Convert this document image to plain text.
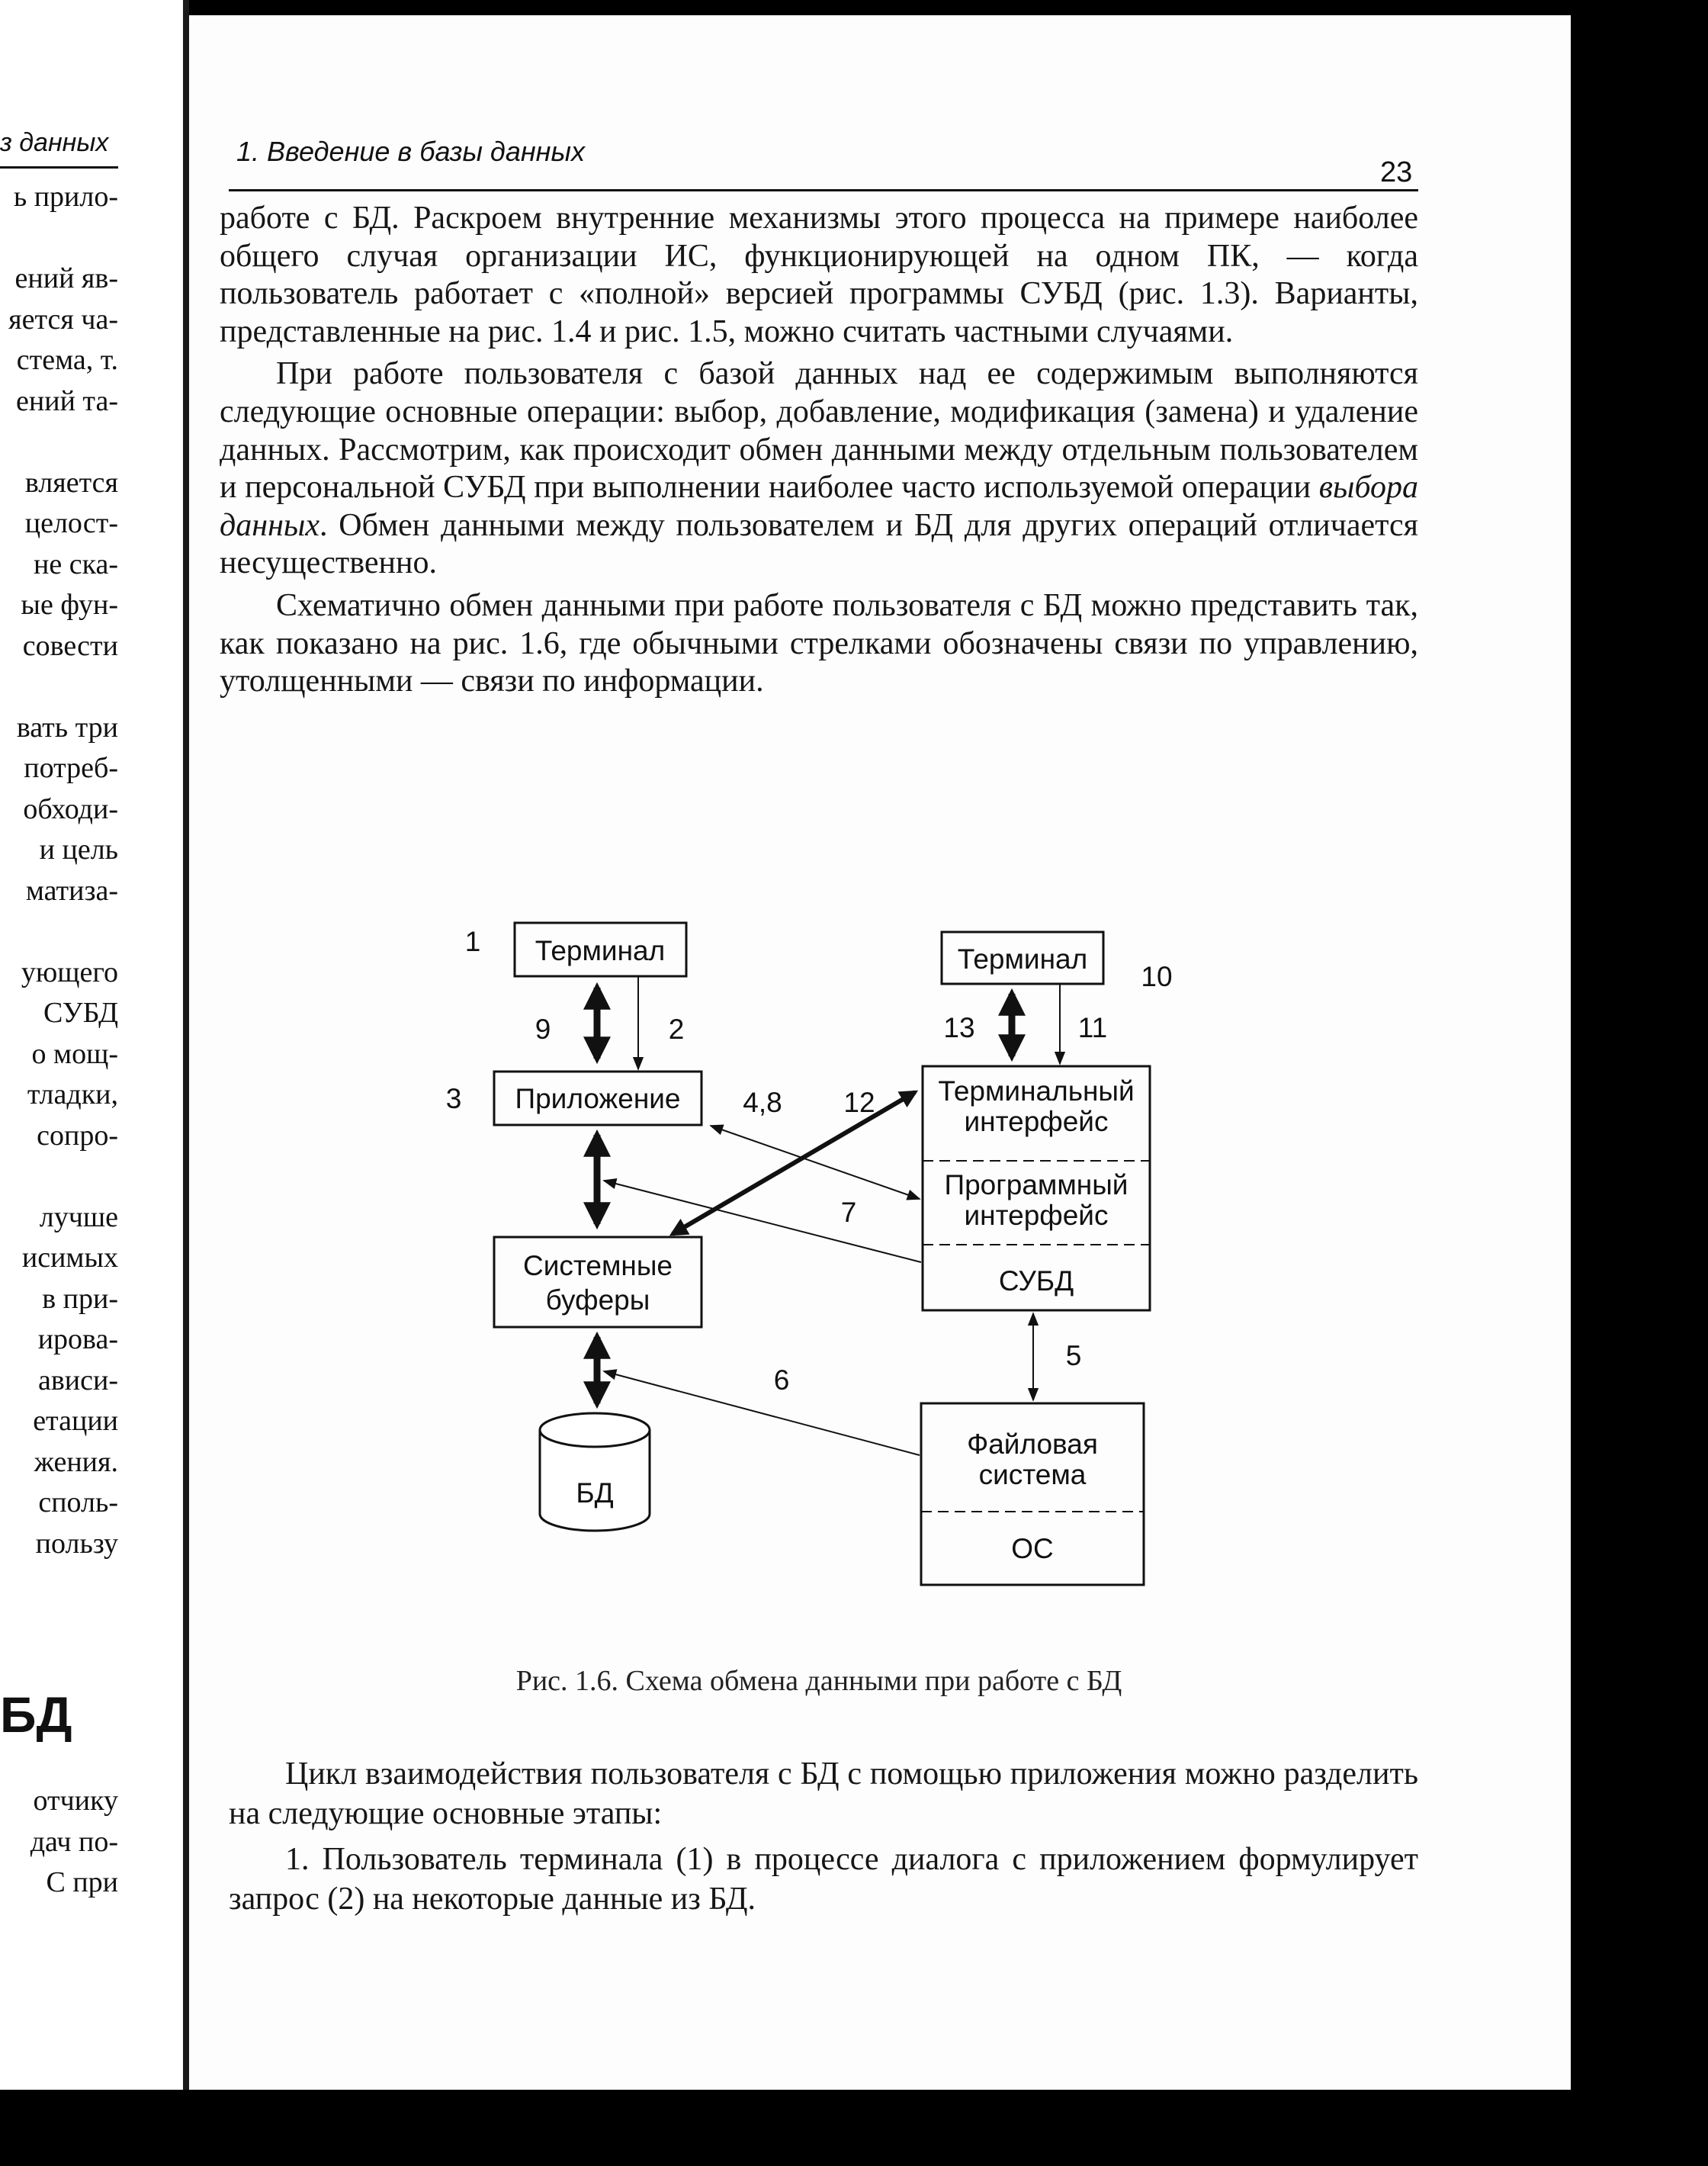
з данных
ь прило-
ений яв-
яется ча-
стема, т.
ений та-
вляется
целост-
не ска-
ые фун-
совести
вать три
потреб-
обходи-
и цель
матиза-
ующего
СУБД
о мощ-
тладки,
сопро-
лучше
исимых
в при-
ирова-
ависи-
етации
жения.
споль-
пользу
БД
отчику
дач по-
С при
1. Введение в базы данных
23

работе с БД. Раскроем внутренние механизмы этого процесса на примере наиболее общего случая организации ИС, функционирующей на одном ПК, — когда пользователь работает с «полной» версией программы СУБД (рис. 1.3). Варианты, представленные на рис. 1.4 и рис. 1.5, можно считать частными случаями.

При работе пользователя с базой данных над ее содержимым выполняются следующие основные операции: выбор, добавление, модификация (замена) и удаление данных. Рассмотрим, как происходит обмен данными между отдельным пользователем и персональной СУБД при выполнении наиболее часто используемой операции выбора данных. Обмен данными между пользователем и БД для других операций отличается несущественно.

Схематично обмен данными при работе пользователя с БД можно представить так, как показано на рис. 1.6, где обычными стрелками обозначены связи по управлению, утолщенными — связи по информации.

Терминал
Приложение
Системные
буферы
БД
Терминал
Терминальный
интерфейс
Программный
интерфейс
СУБД
Файловая
система
ОС
1
9	2
3	4,8 12
7
6
5
10
13	11
Рис. 1.6. Схема обмена данными при работе с БД

Цикл взаимодействия пользователя с БД с помощью приложения можно разделить на следующие основные этапы:

1. Пользователь терминала (1) в процессе диалога с приложением формулирует запрос (2) на некоторые данные из БД.
